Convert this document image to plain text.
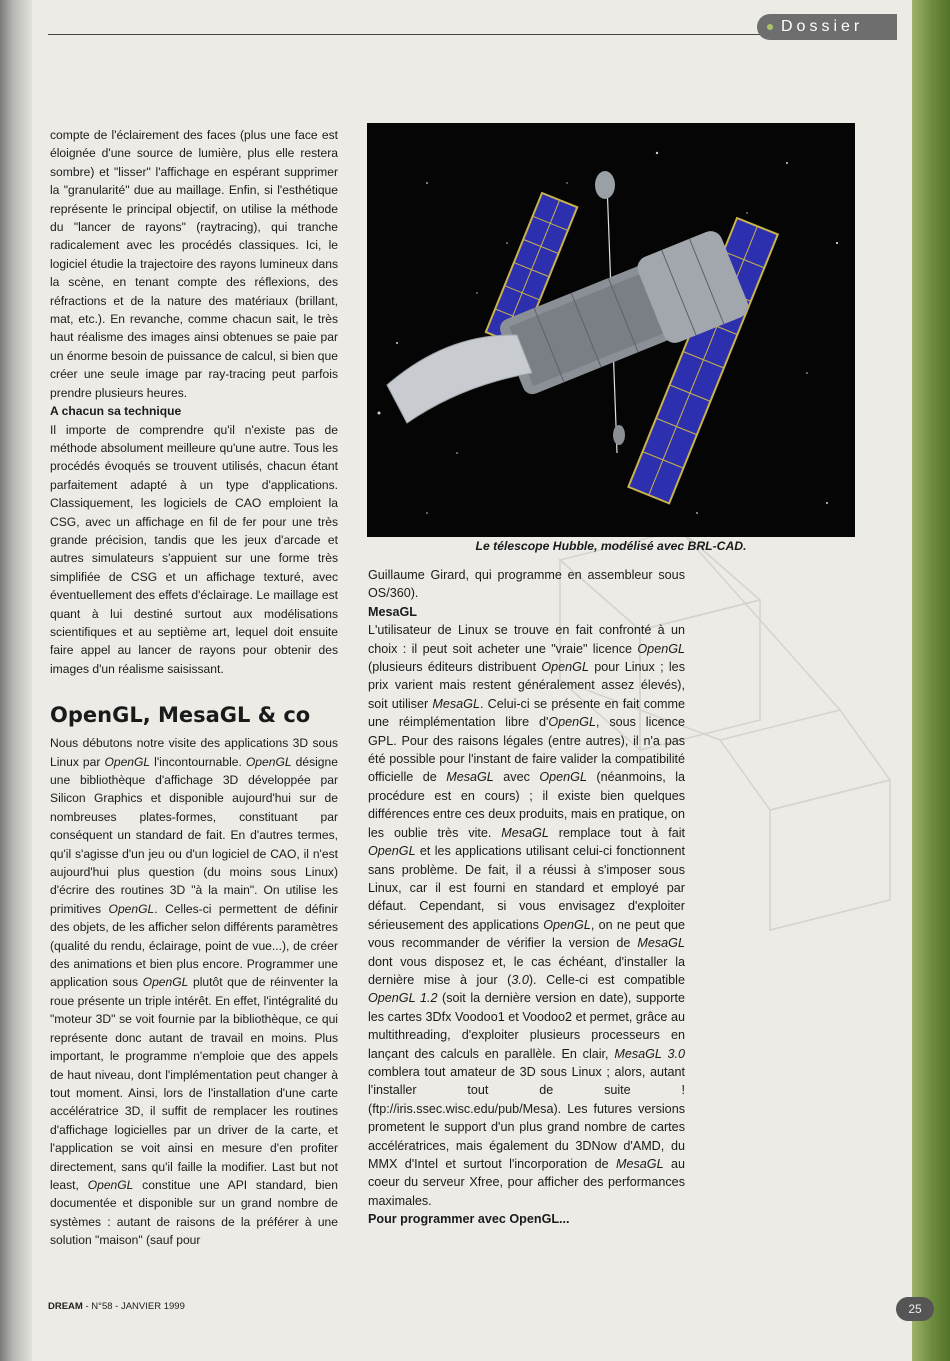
Dossier

compte de l'éclairement des faces (plus une face est éloignée d'une source de lumière, plus elle restera sombre) et "lisser" l'affichage en espérant supprimer la "granularité" due au maillage. Enfin, si l'esthétique représente le principal objectif, on utilise la méthode du "lancer de rayons" (raytracing), qui tranche radicalement avec les procédés classiques. Ici, le logiciel étudie la trajectoire des rayons lumineux dans la scène, en tenant compte des réflexions, des réfractions et de la nature des matériaux (brillant, mat, etc.). En revanche, comme chacun sait, le très haut réalisme des images ainsi obtenues se paie par un énorme besoin de puissance de calcul, si bien que créer une seule image par ray-tracing peut parfois prendre plusieurs heures.

A chacun sa technique

Il importe de comprendre qu'il n'existe pas de méthode absolument meilleure qu'une autre. Tous les procédés évoqués se trouvent utilisés, chacun étant parfaitement adapté à un type d'applications. Classiquement, les logiciels de CAO emploient la CSG, avec un affichage en fil de fer pour une très grande précision, tandis que les jeux d'arcade et autres simulateurs s'appuient sur une forme très simplifiée de CSG et un affichage texturé, avec éventuellement des effets d'éclairage. Le maillage est quant à lui destiné surtout aux modélisations scientifiques et au septième art, lequel doit ensuite faire appel au lancer de rayons pour obtenir des images d'un réalisme saisissant.

OpenGL, MesaGL & co

Nous débutons notre visite des applications 3D sous Linux par OpenGL l'incontournable. OpenGL désigne une bibliothèque d'affichage 3D développée par Silicon Graphics et disponible aujourd'hui sur de nombreuses plates-formes, constituant par conséquent un standard de fait. En d'autres termes, qu'il s'agisse d'un jeu ou d'un logiciel de CAO, il n'est aujourd'hui plus question (du moins sous Linux) d'écrire des routines 3D "à la main". On utilise les primitives OpenGL. Celles-ci permettent de définir des objets, de les afficher selon différents paramètres (qualité du rendu, éclairage, point de vue...), de créer des animations et bien plus encore. Programmer une application sous OpenGL plutôt que de réinventer la roue présente un triple intérêt. En effet, l'intégralité du "moteur 3D" se voit fournie par la bibliothèque, ce qui représente donc autant de travail en moins. Plus important, le programme n'emploie que des appels de haut niveau, dont l'implémentation peut changer à tout moment. Ainsi, lors de l'installation d'une carte accélératrice 3D, il suffit de remplacer les routines d'affichage logicielles par un driver de la carte, et l'application se voit ainsi en mesure d'en profiter directement, sans qu'il faille la modifier. Last but not least, OpenGL constitue une API standard, bien documentée et disponible sur un grand nombre de systèmes : autant de raisons de la préférer à une solution "maison" (sauf pour

Le télescope Hubble, modélisé avec BRL-CAD.

Guillaume Girard, qui programme en assembleur sous OS/360).

MesaGL

L'utilisateur de Linux se trouve en fait confronté à un choix : il peut soit acheter une "vraie" licence OpenGL (plusieurs éditeurs distribuent OpenGL pour Linux ; les prix varient mais restent généralement assez élevés), soit utiliser MesaGL. Celui-ci se présente en fait comme une réimplémentation libre d'OpenGL, sous licence GPL. Pour des raisons légales (entre autres), il n'a pas été possible pour l'instant de faire valider la compatibilité officielle de MesaGL avec OpenGL (néanmoins, la procédure est en cours) ; il existe bien quelques différences entre ces deux produits, mais en pratique, on les oublie très vite. MesaGL remplace tout à fait OpenGL et les applications utilisant celui-ci fonctionnent sans problème. De fait, il a réussi à s'imposer sous Linux, car il est fourni en standard et employé par défaut. Cependant, si vous envisagez d'exploiter sérieusement des applications OpenGL, on ne peut que vous recommander de vérifier la version de MesaGL dont vous disposez et, le cas échéant, d'installer la dernière mise à jour (3.0). Celle-ci est compatible OpenGL 1.2 (soit la dernière version en date), supporte les cartes 3Dfx Voodoo1 et Voodoo2 et permet, grâce au multithreading, d'exploiter plusieurs processeurs en lançant des calculs en parallèle. En clair, MesaGL 3.0 comblera tout amateur de 3D sous Linux ; alors, autant l'installer tout de suite ! (ftp://iris.ssec.wisc.edu/pub/Mesa). Les futures versions prometent le support d'un plus grand nombre de cartes accélératrices, mais également du 3DNow d'AMD, du MMX d'Intel et surtout l'incorporation de MesaGL au coeur du serveur Xfree, pour afficher des performances maximales.

Pour programmer avec OpenGL...

DREAM - N°58 - JANVIER 1999	25
